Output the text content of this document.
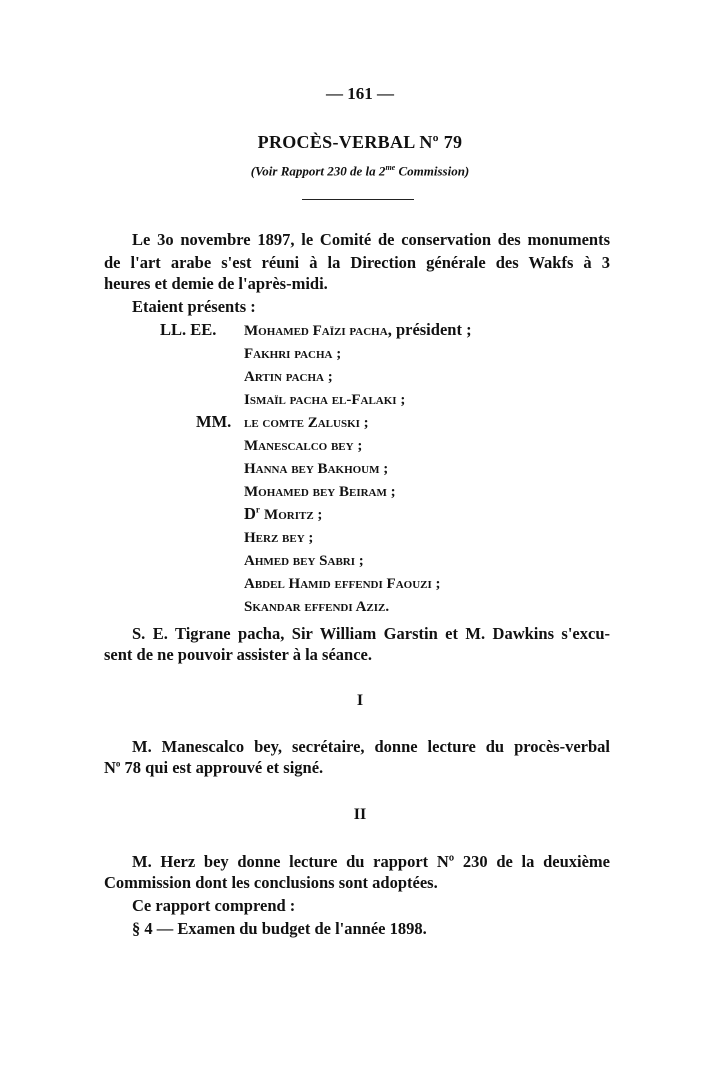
— 161 —
PROCÈS-VERBAL Nº 79
(Voir Rapport 230 de la $2^{me}$ Commission)
Le 3o novembre 1897, le Comité de conservation des monuments
de l'art arabe s'est réuni à la Direction générale des Wakfs à 3
heures et demie de l'après-midi.
Etaient présents :
LL. EE. Mohamed Faïzi pacha, président ;
Fakhri pacha ;
Artin pacha ;
Ismaïl pacha el-Falaki ;
MM. le comte Zaluski ;
Manescalco bey ;
Hanna bey Bakhoum ;
Mohamed bey Beiram ;
$D^r$ Moritz ;
Herz bey ;
Ahmed bey Sabri ;
Abdel Hamid effendi Faouzi ;
Skandar effendi Aziz.
S. E. Tigrane pacha, Sir William Garstin et M. Dawkins s'excu-
sent de ne pouvoir assister à la séance.
I
M. Manescalco bey, secrétaire, donne lecture du procès-verbal
$N^o$ 78 qui est approuvé et signé.
II
M. Herz bey donne lecture du rapport Nº 230 de la deuxième
Commission dont les conclusions sont adoptées.
Ce rapport comprend :
§ 4 — Examen du budget de l'année 1898.
